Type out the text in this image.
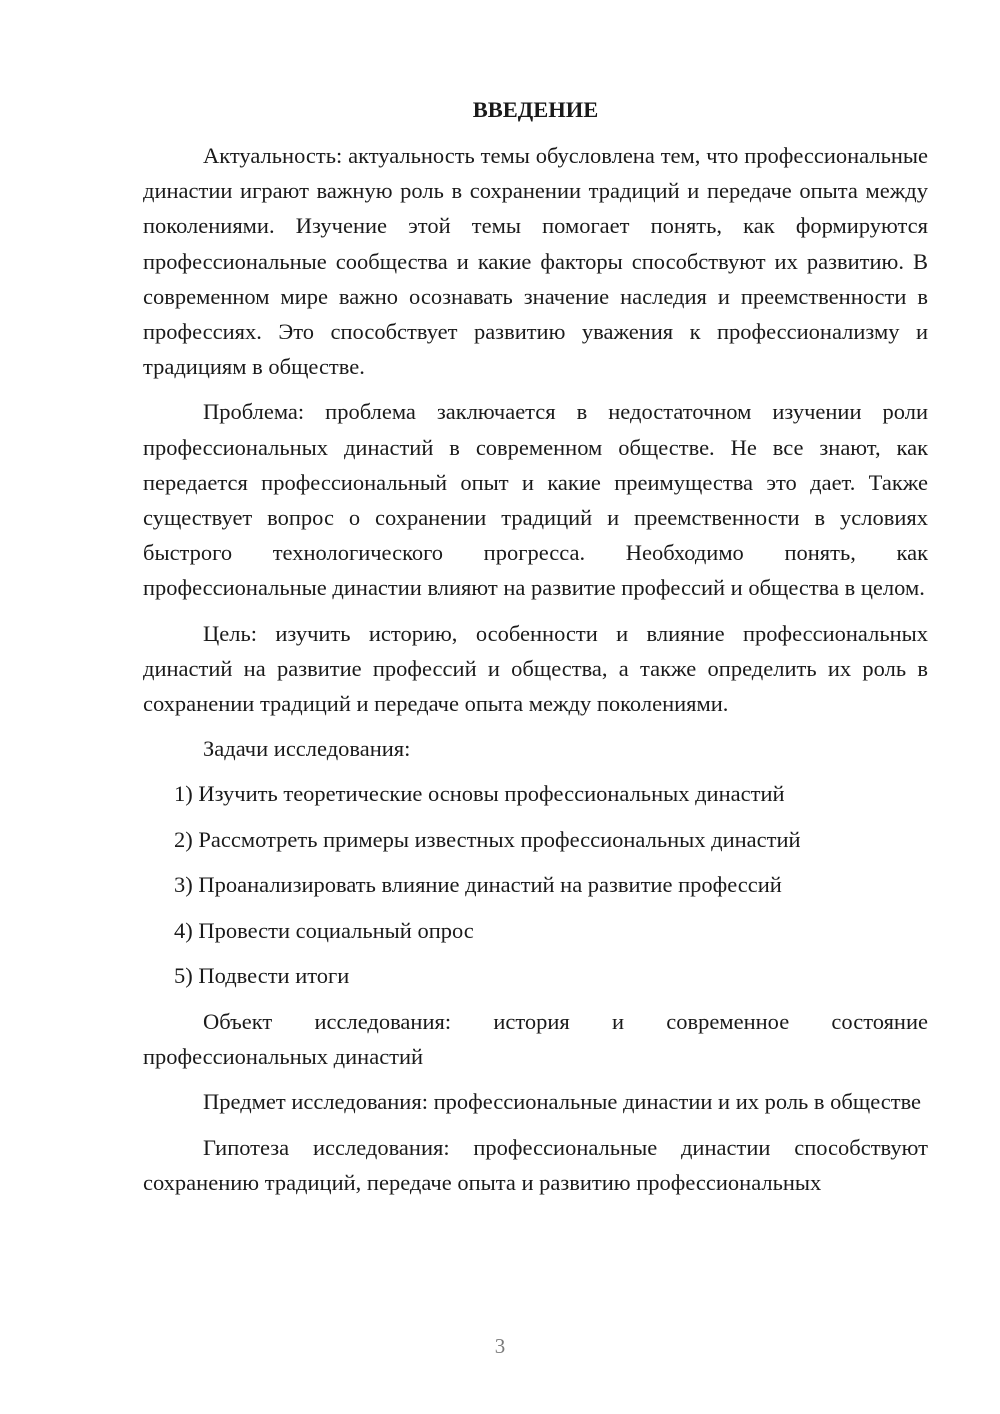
ВВЕДЕНИЕ

Актуальность: актуальность темы обусловлена тем, что профессиональные династии играют важную роль в сохранении традиций и передаче опыта между поколениями. Изучение этой темы помогает понять, как формируются профессиональные сообщества и какие факторы способствуют их развитию. В современном мире важно осознавать значение наследия и преемственности в профессиях. Это способствует развитию уважения к профессионализму и традициям в обществе.

Проблема: проблема заключается в недостаточном изучении роли профессиональных династий в современном обществе. Не все знают, как передается профессиональный опыт и какие преимущества это дает. Также существует вопрос о сохранении традиций и преемственности в условиях быстрого технологического прогресса. Необходимо понять, как профессиональные династии влияют на развитие профессий и общества в целом.

Цель: изучить историю, особенности и влияние профессиональных династий на развитие профессий и общества, а также определить их роль в сохранении традиций и передаче опыта между поколениями.

Задачи исследования:
1) Изучить теоретические основы профессиональных династий
2) Рассмотреть примеры известных профессиональных династий
3) Проанализировать влияние династий на развитие профессий
4) Провести социальный опрос
5) Подвести итоги

Объект исследования: история и современное состояние профессиональных династий

Предмет исследования: профессиональные династии и их роль в обществе

Гипотеза исследования: профессиональные династии способствуют сохранению традиций, передаче опыта и развитию профессиональных

3
